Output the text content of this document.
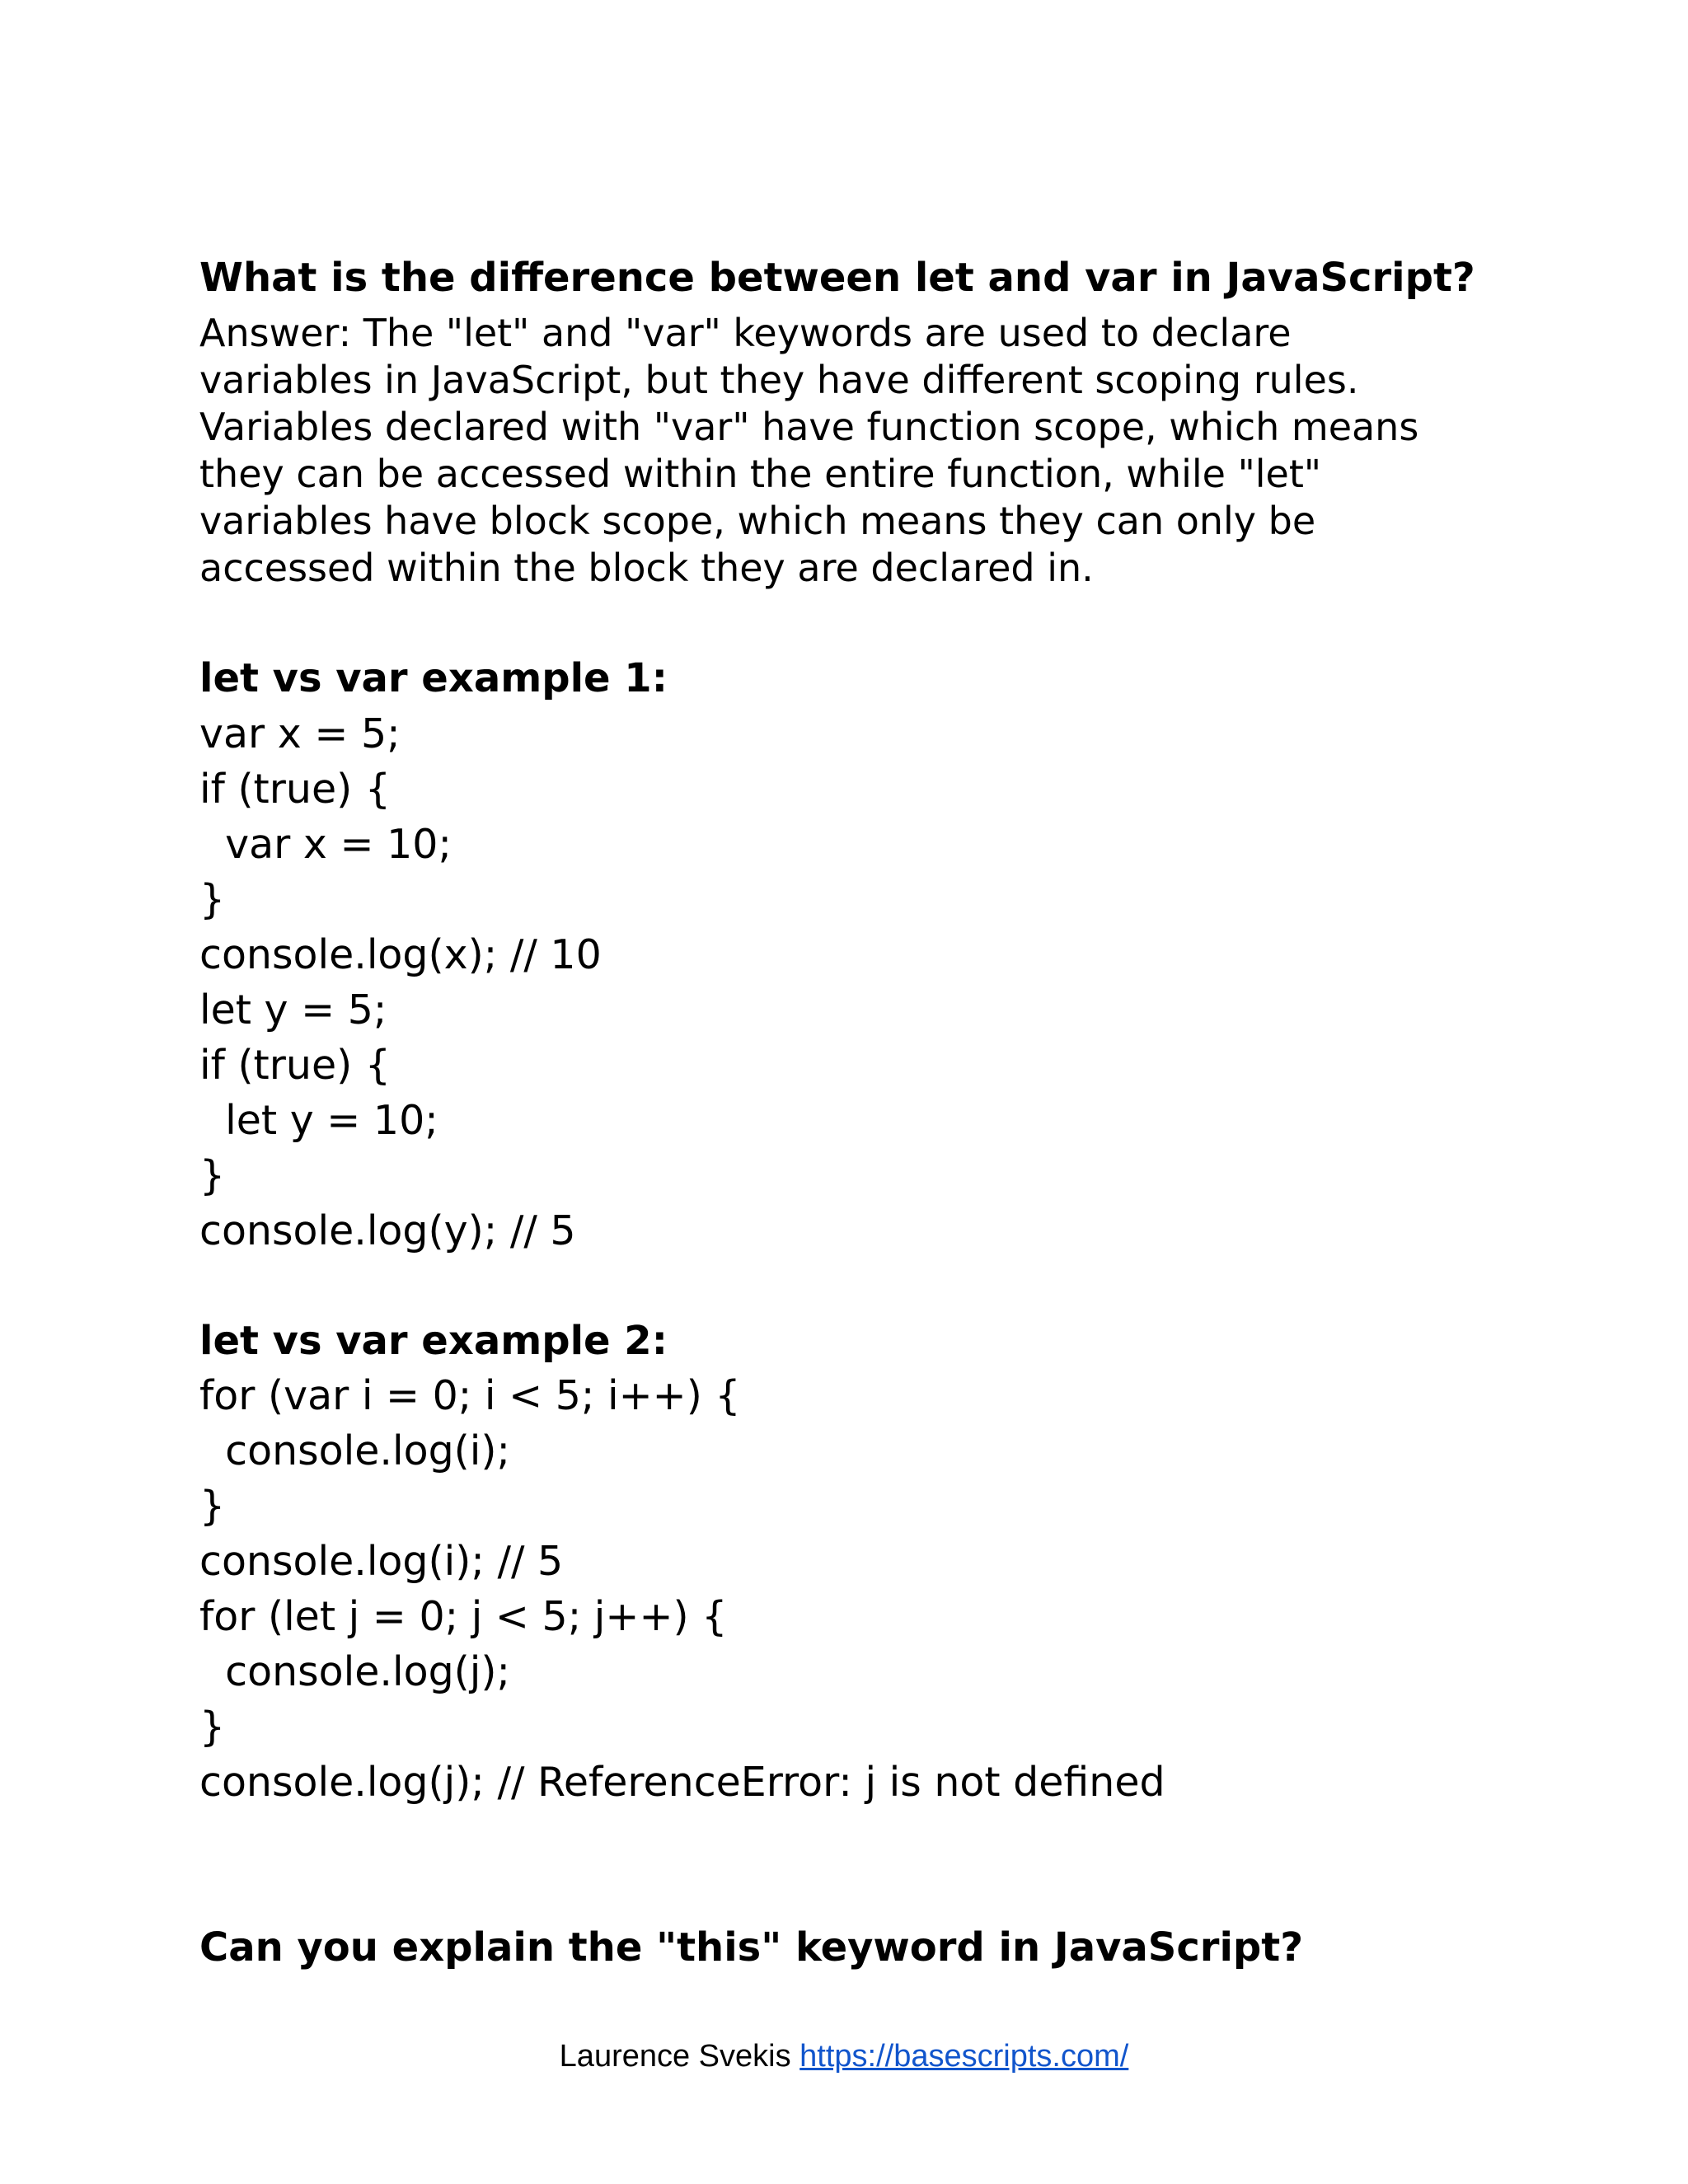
What is the difference between let and var in JavaScript?

Answer: The "let" and "var" keywords are used to declare
variables in JavaScript, but they have different scoping rules.
Variables declared with "var" have function scope, which means
they can be accessed within the entire function, while "let"
variables have block scope, which means they can only be
accessed within the block they are declared in.

let vs var example 1:
var x = 5;
if (true) {
var x = 10;
}
console.log(x); // 10
let y = 5;
if (true) {
let y = 10;
}
console.log(y); // 5
let vs var example 2:
for (var i = 0; i < 5; i++) {
console.log(i);
}
console.log(i); // 5
for (let j = 0; j < 5; j++) {
console.log(j);
}
console.log(j); // ReferenceError: j is not defined
Can you explain the "this" keyword in JavaScript?
Laurence Svekis https://basescripts.com/
